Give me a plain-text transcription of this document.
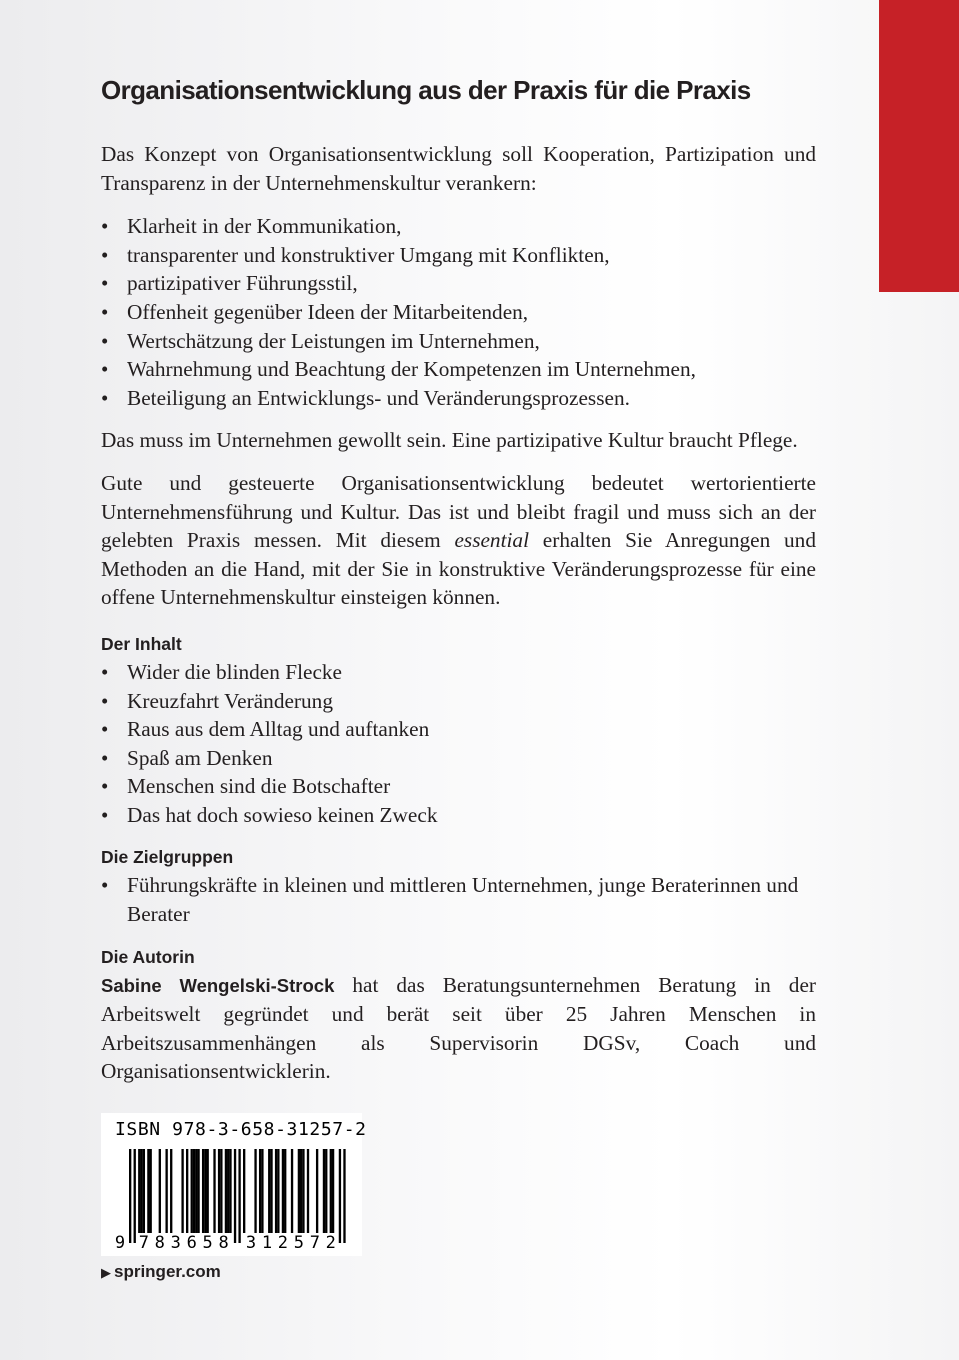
Organisationsentwicklung aus der Praxis für die Praxis

Das Konzept von Organisationsentwicklung soll Kooperation, Partizipation und Transparenz in der Unternehmenskultur verankern:

• Klarheit in der Kommunikation,
• transparenter und konstruktiver Umgang mit Konflikten,
• partizipativer Führungsstil,
• Offenheit gegenüber Ideen der Mitarbeitenden,
• Wertschätzung der Leistungen im Unternehmen,
• Wahrnehmung und Beachtung der Kompetenzen im Unternehmen,
• Beteiligung an Entwicklungs- und Veränderungsprozessen.

Das muss im Unternehmen gewollt sein. Eine partizipative Kultur braucht Pflege.

Gute und gesteuerte Organisationsentwicklung bedeutet wertorientierte Unternehmensführung und Kultur. Das ist und bleibt fragil und muss sich an der gelebten Praxis messen. Mit diesem essential erhalten Sie Anregungen und Methoden an die Hand, mit der Sie in konstruktive Veränderungsprozesse für eine offene Unternehmenskultur einsteigen können.

Der Inhalt
• Wider die blinden Flecke
• Kreuzfahrt Veränderung
• Raus aus dem Alltag und auftanken
• Spaß am Denken
• Menschen sind die Botschafter
• Das hat doch sowieso keinen Zweck
Die Zielgruppen
• Führungskräfte in kleinen und mittleren Unternehmen, junge Beraterinnen und Berater
Die Autorin

Sabine Wengelski-Strock hat das Beratungsunternehmen Beratung in der Arbeitswelt gegründet und berät seit über 25 Jahren Menschen in Arbeitszusammenhängen als Supervisorin DGSv, Coach und Organisationsentwicklerin.

9 7 8 3 6 5 8 3 1 2 5 7 2
ISBN 978-3-658-31257-2
▶ springer.com
